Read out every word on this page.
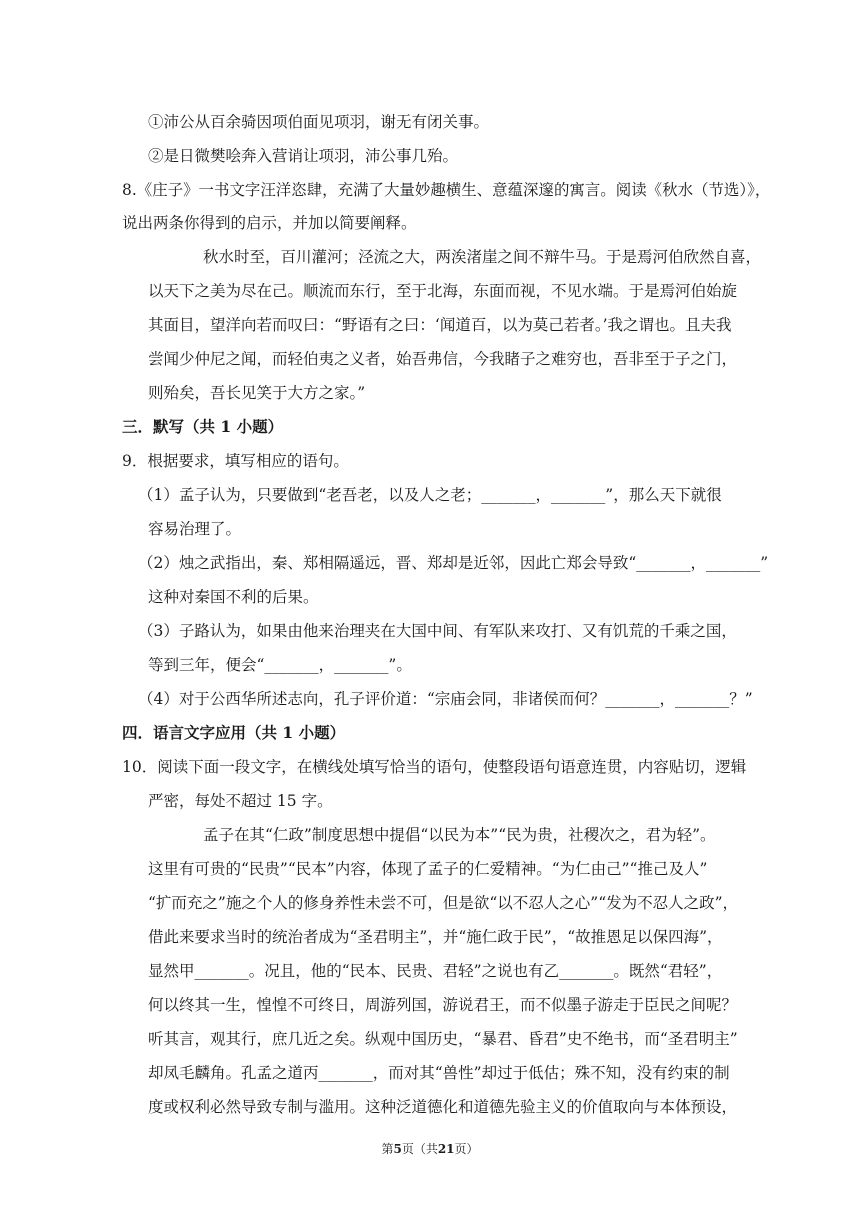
①沛公从百余骑因项伯面见项羽，谢无有闭关事。
②是日微樊哙奔入营诮让项羽，沛公事几殆。
8.《庄子》一书文字汪洋恣肆，充满了大量妙趣横生、意蕴深邃的寓言。阅读《秋水（节选）》，
说出两条你得到的启示，并加以简要阐释。
秋水时至，百川灌河；泾流之大，两涘渚崖之间不辩牛马。于是焉河伯欣然自喜，
以天下之美为尽在己。顺流而东行，至于北海，东面而视，不见水端。于是焉河伯始旋
其面目，望洋向若而叹曰：“野语有之曰：‘闻道百，以为莫己若者。’我之谓也。且夫我
尝闻少仲尼之闻，而轻伯夷之义者，始吾弗信，今我睹子之难穷也，吾非至于子之门，
则殆矣，吾长见笑于大方之家。”
三．默写（共 1 小题）
9．根据要求，填写相应的语句。
（1）孟子认为，只要做到“老吾老，以及人之老；_______，_______”，那么天下就很
容易治理了。
（2）烛之武指出，秦、郑相隔遥远，晋、郑却是近邻，因此亡郑会导致“_______，_______”
这种对秦国不利的后果。
（3）子路认为，如果由他来治理夹在大国中间、有军队来攻打、又有饥荒的千乘之国，
等到三年，便会“_______，_______”。
（4）对于公西华所述志向，孔子评价道：“宗庙会同，非诸侯而何？_______，_______？”
四．语言文字应用（共 1 小题）
10．阅读下面一段文字，在横线处填写恰当的语句，使整段语句语意连贯，内容贴切，逻辑
严密，每处不超过 15 字。
孟子在其“仁政”制度思想中提倡“以民为本”“民为贵，社稷次之，君为轻”。
这里有可贵的“民贵”“民本”内容，体现了孟子的仁爱精神。“为仁由己”“推己及人”
“扩而充之”施之个人的修身养性未尝不可，但是欲“以不忍人之心”“发为不忍人之政”，
借此来要求当时的统治者成为“圣君明主”，并“施仁政于民”，“故推恩足以保四海”，
显然甲_______。况且，他的“民本、民贵、君轻”之说也有乙_______。既然“君轻”，
何以终其一生，惶惶不可终日，周游列国，游说君王，而不似墨子游走于臣民之间呢？
听其言，观其行，庶几近之矣。纵观中国历史，“暴君、昏君”史不绝书，而“圣君明主”
却凤毛麟角。孔孟之道丙_______，而对其“兽性”却过于低估；殊不知，没有约束的制
度或权利必然导致专制与滥用。这种泛道德化和道德先验主义的价值取向与本体预设，
第5页（共21页）
